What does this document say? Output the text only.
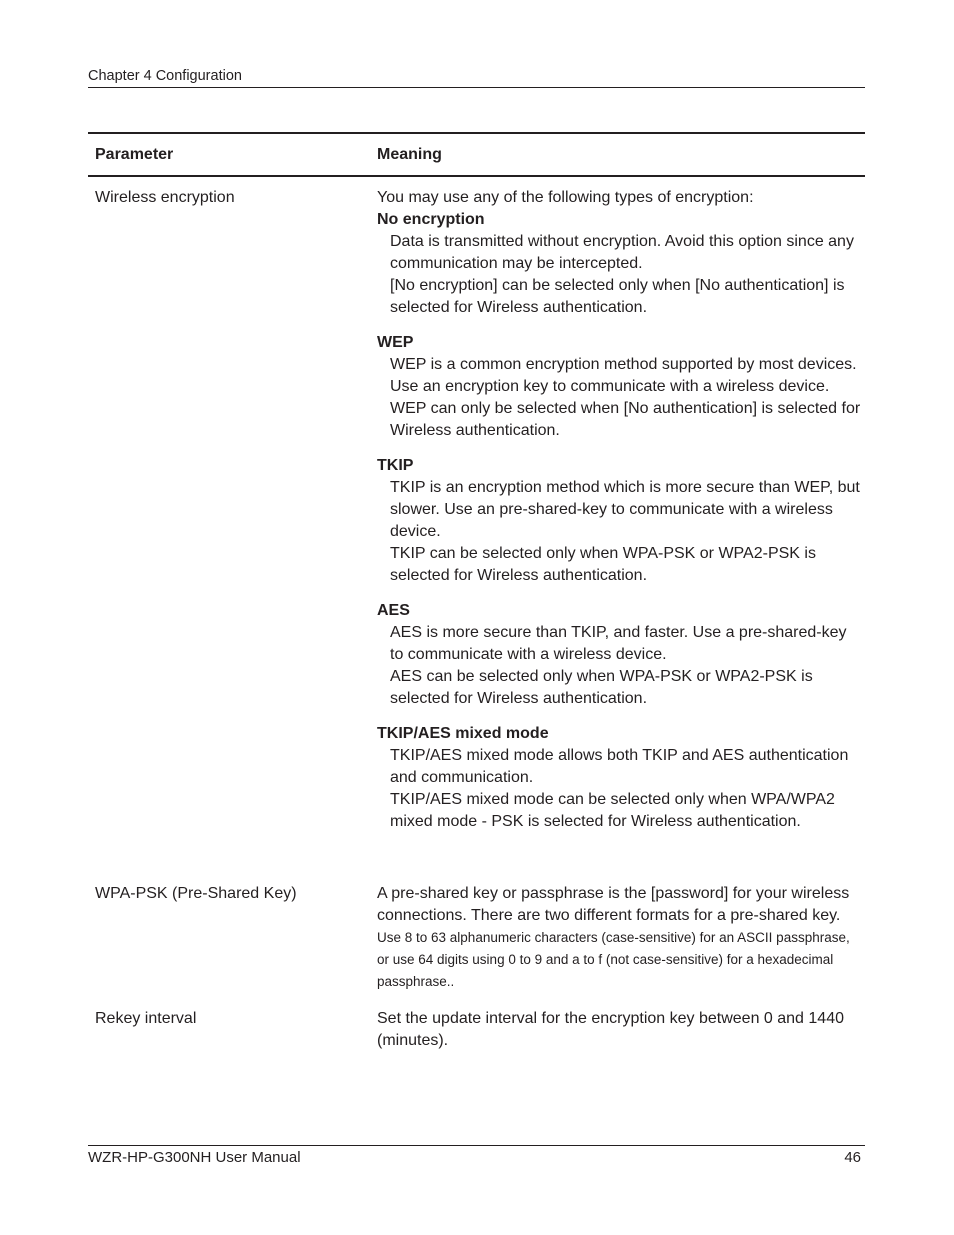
Chapter 4 Configuration
Parameter	Meaning
Wireless encryption	You may use any of the following types of encryption:

No encryption
Data is transmitted without encryption. Avoid this option since any communication may be intercepted.
[No encryption] can be selected only when [No authentication] is selected for Wireless authentication.
WEP
WEP is a common encryption method supported by most devices. Use an encryption key to communicate with a wireless device.
WEP can only be selected when [No authentication] is selected for Wireless authentication.
TKIP
TKIP is an encryption method which is more secure than WEP, but slower. Use an pre-shared-key to communicate with a wireless device.
TKIP can be selected only when WPA-PSK or WPA2-PSK is selected for Wireless authentication.
AES
AES is more secure than TKIP, and faster. Use a pre-shared-key to communicate with a wireless device.
AES can be selected only when WPA-PSK or WPA2-PSK is selected for Wireless authentication.
TKIP/AES mixed mode
TKIP/AES mixed mode allows both TKIP and AES authentication and communication.
TKIP/AES mixed mode can be selected only when WPA/WPA2 mixed mode - PSK is selected for Wireless authentication.
WPA-PSK (Pre-Shared Key)	A pre-shared key or passphrase is the [password] for your wireless connections. There are two different formats for a pre-shared key. Use 8 to 63 alphanumeric characters (case-sensitive) for an ASCII passphrase, or use 64 digits using 0 to 9 and a to f (not case-sensitive) for a hexadecimal passphrase..
Rekey interval	Set the update interval for the encryption key between 0 and 1440 (minutes).
WZR-HP-G300NH User Manual	46
